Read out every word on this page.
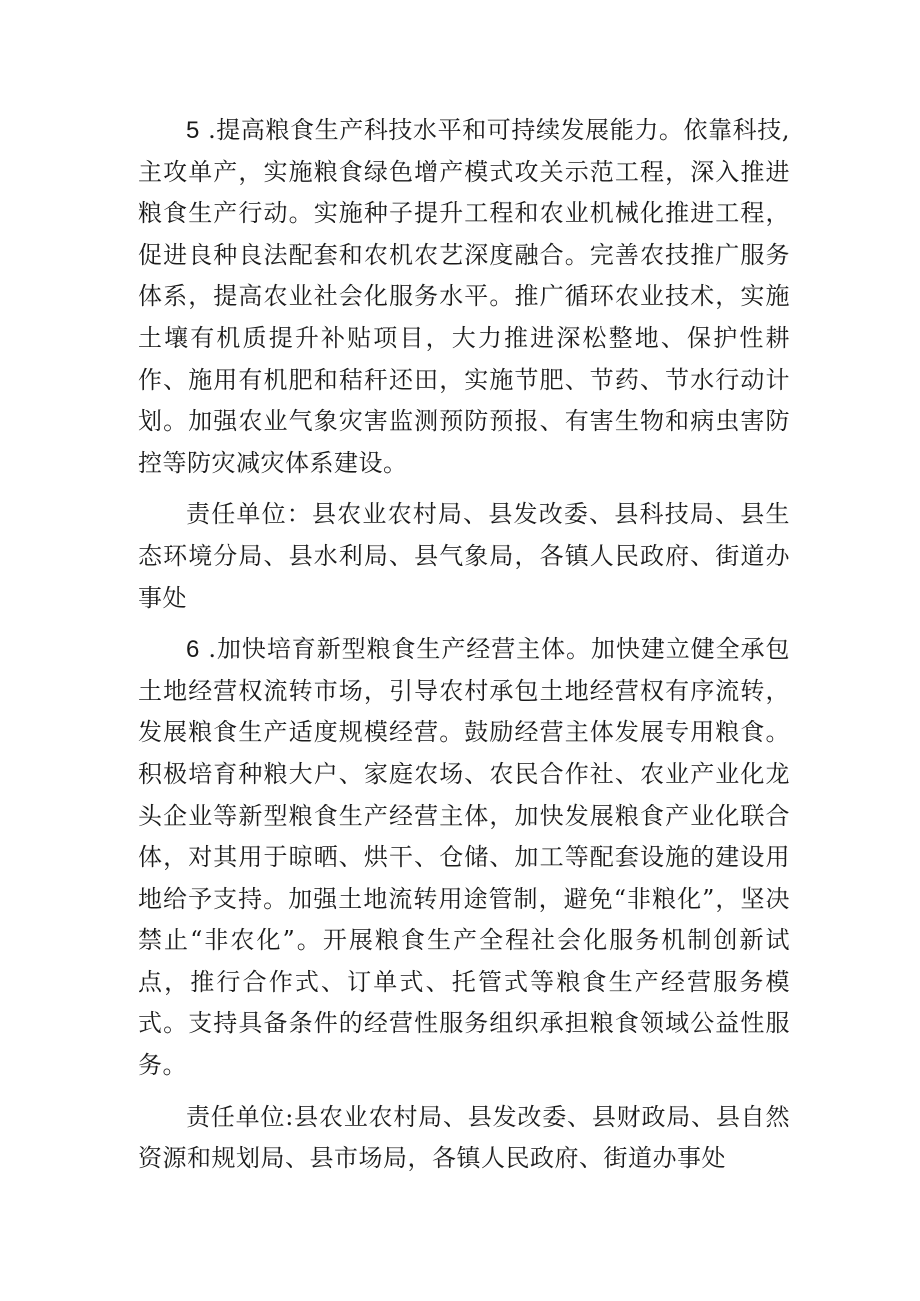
5 .提高粮食生产科技水平和可持续发展能力。依靠科技,主攻单产，实施粮食绿色增产模式攻关示范工程，深入推进粮食生产行动。实施种子提升工程和农业机械化推进工程，促进良种良法配套和农机农艺深度融合。完善农技推广服务体系，提高农业社会化服务水平。推广循环农业技术，实施土壤有机质提升补贴项目，大力推进深松整地、保护性耕作、施用有机肥和秸秆还田，实施节肥、节药、节水行动计划。加强农业气象灾害监测预防预报、有害生物和病虫害防控等防灾减灾体系建设。

责任单位：县农业农村局、县发改委、县科技局、县生态环境分局、县水利局、县气象局，各镇人民政府、街道办事处

6 .加快培育新型粮食生产经营主体。加快建立健全承包土地经营权流转市场，引导农村承包土地经营权有序流转，发展粮食生产适度规模经营。鼓励经营主体发展专用粮食。积极培育种粮大户、家庭农场、农民合作社、农业产业化龙头企业等新型粮食生产经营主体，加快发展粮食产业化联合体，对其用于晾晒、烘干、仓储、加工等配套设施的建设用地给予支持。加强土地流转用途管制，避免“非粮化”，坚决禁止“非农化”。开展粮食生产全程社会化服务机制创新试点，推行合作式、订单式、托管式等粮食生产经营服务模式。支持具备条件的经营性服务组织承担粮食领域公益性服务。

责任单位:县农业农村局、县发改委、县财政局、县自然资源和规划局、县市场局，各镇人民政府、街道办事处
